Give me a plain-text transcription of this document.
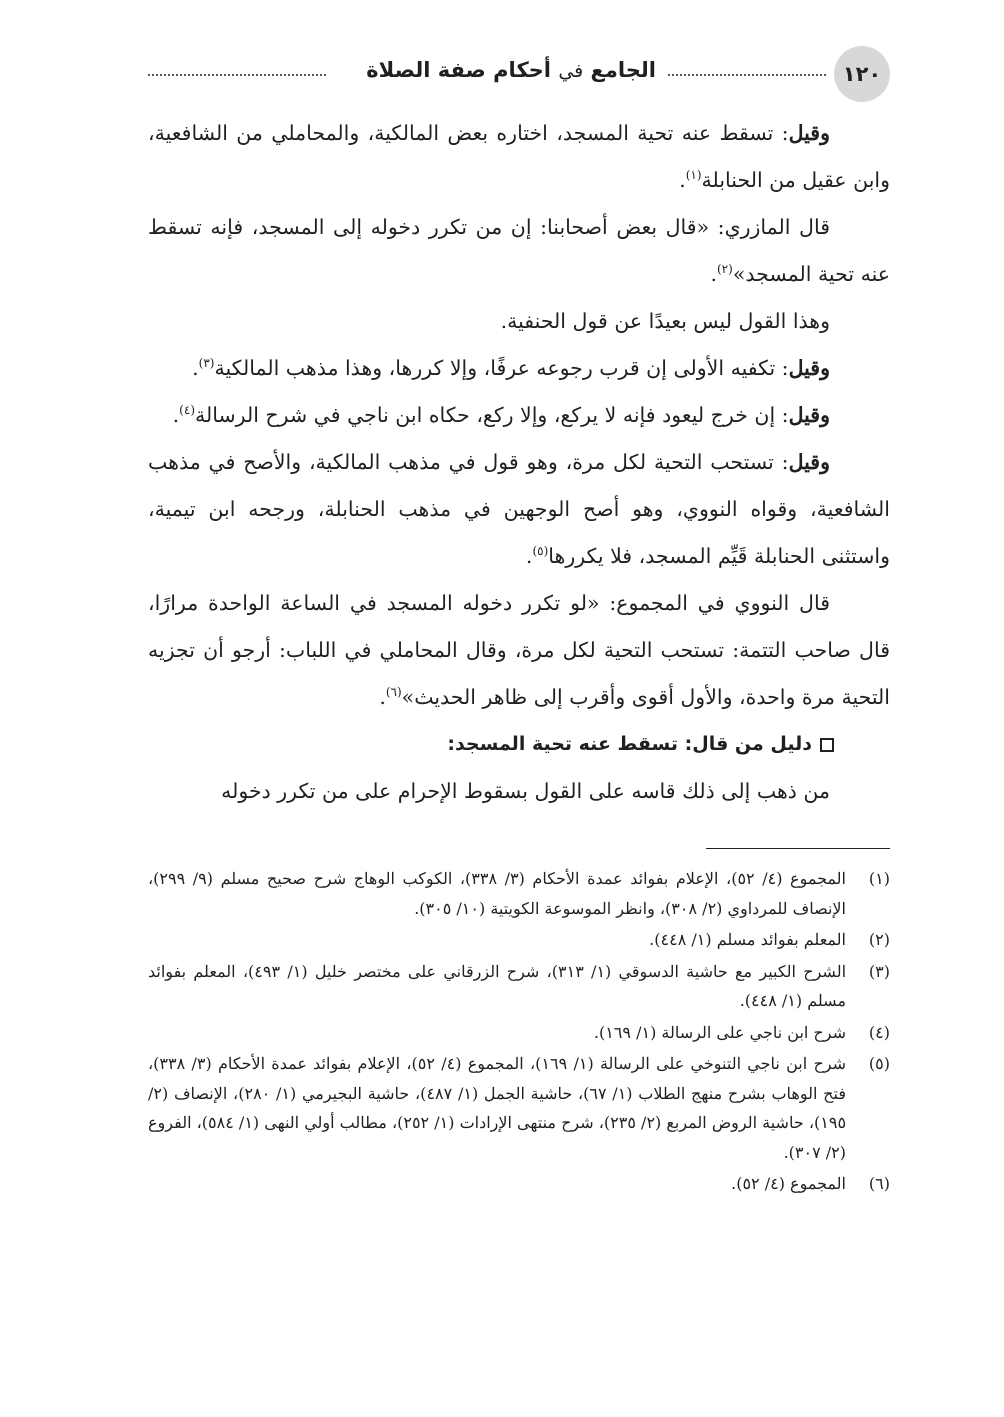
١٢٠
الجامع في أحكام صفة الصلاة

وقيل: تسقط عنه تحية المسجد، اختاره بعض المالكية، والمحاملي من الشافعية، وابن عقيل من الحنابلة$^{(١)}$.

قال المازري: «قال بعض أصحابنا: إن من تكرر دخوله إلى المسجد، فإنه تسقط عنه تحية المسجد»$^{(٢)}$.

وهذا القول ليس بعيدًا عن قول الحنفية.

وقيل: تكفيه الأولى إن قرب رجوعه عرفًا، وإلا كررها، وهذا مذهب المالكية$^{(٣)}$.

وقيل: إن خرج ليعود فإنه لا يركع، وإلا ركع، حكاه ابن ناجي في شرح الرسالة$^{(٤)}$.

وقيل: تستحب التحية لكل مرة، وهو قول في مذهب المالكية، والأصح في مذهب الشافعية، وقواه النووي، وهو أصح الوجهين في مذهب الحنابلة، ورجحه ابن تيمية، واستثنى الحنابلة قَيِّم المسجد، فلا يكررها$^{(٥)}$.

قال النووي في المجموع: «لو تكرر دخوله المسجد في الساعة الواحدة مرارًا، قال صاحب التتمة: تستحب التحية لكل مرة، وقال المحاملي في اللباب: أرجو أن تجزيه التحية مرة واحدة، والأول أقوى وأقرب إلى ظاهر الحديث»$^{(٦)}$.

دليل من قال: تسقط عنه تحية المسجد:

من ذهب إلى ذلك قاسه على القول بسقوط الإحرام على من تكرر دخوله

(١)
المجموع (٤/ ٥٢)، الإعلام بفوائد عمدة الأحكام (٣/ ٣٣٨)، الكوكب الوهاج شرح صحيح مسلم (٩/ ٢٩٩)، الإنصاف للمرداوي (٢/ ٣٠٨)، وانظر الموسوعة الكويتية (١٠/ ٣٠٥).
(٢)
المعلم بفوائد مسلم (١/ ٤٤٨).
(٣)
الشرح الكبير مع حاشية الدسوقي (١/ ٣١٣)، شرح الزرقاني على مختصر خليل (١/ ٤٩٣)، المعلم بفوائد مسلم (١/ ٤٤٨).
(٤)
شرح ابن ناجي على الرسالة (١/ ١٦٩).
(٥)
شرح ابن ناجي التنوخي على الرسالة (١/ ١٦٩)، المجموع (٤/ ٥٢)، الإعلام بفوائد عمدة الأحكام (٣/ ٣٣٨)، فتح الوهاب بشرح منهج الطلاب (١/ ٦٧)، حاشية الجمل (١/ ٤٨٧)، حاشية البجيرمي (١/ ٢٨٠)، الإنصاف (٢/ ١٩٥)، حاشية الروض المربع (٢/ ٢٣٥)، شرح منتهى الإرادات (١/ ٢٥٢)، مطالب أولي النهى (١/ ٥٨٤)، الفروع (٢/ ٣٠٧).
(٦)
المجموع (٤/ ٥٢).
